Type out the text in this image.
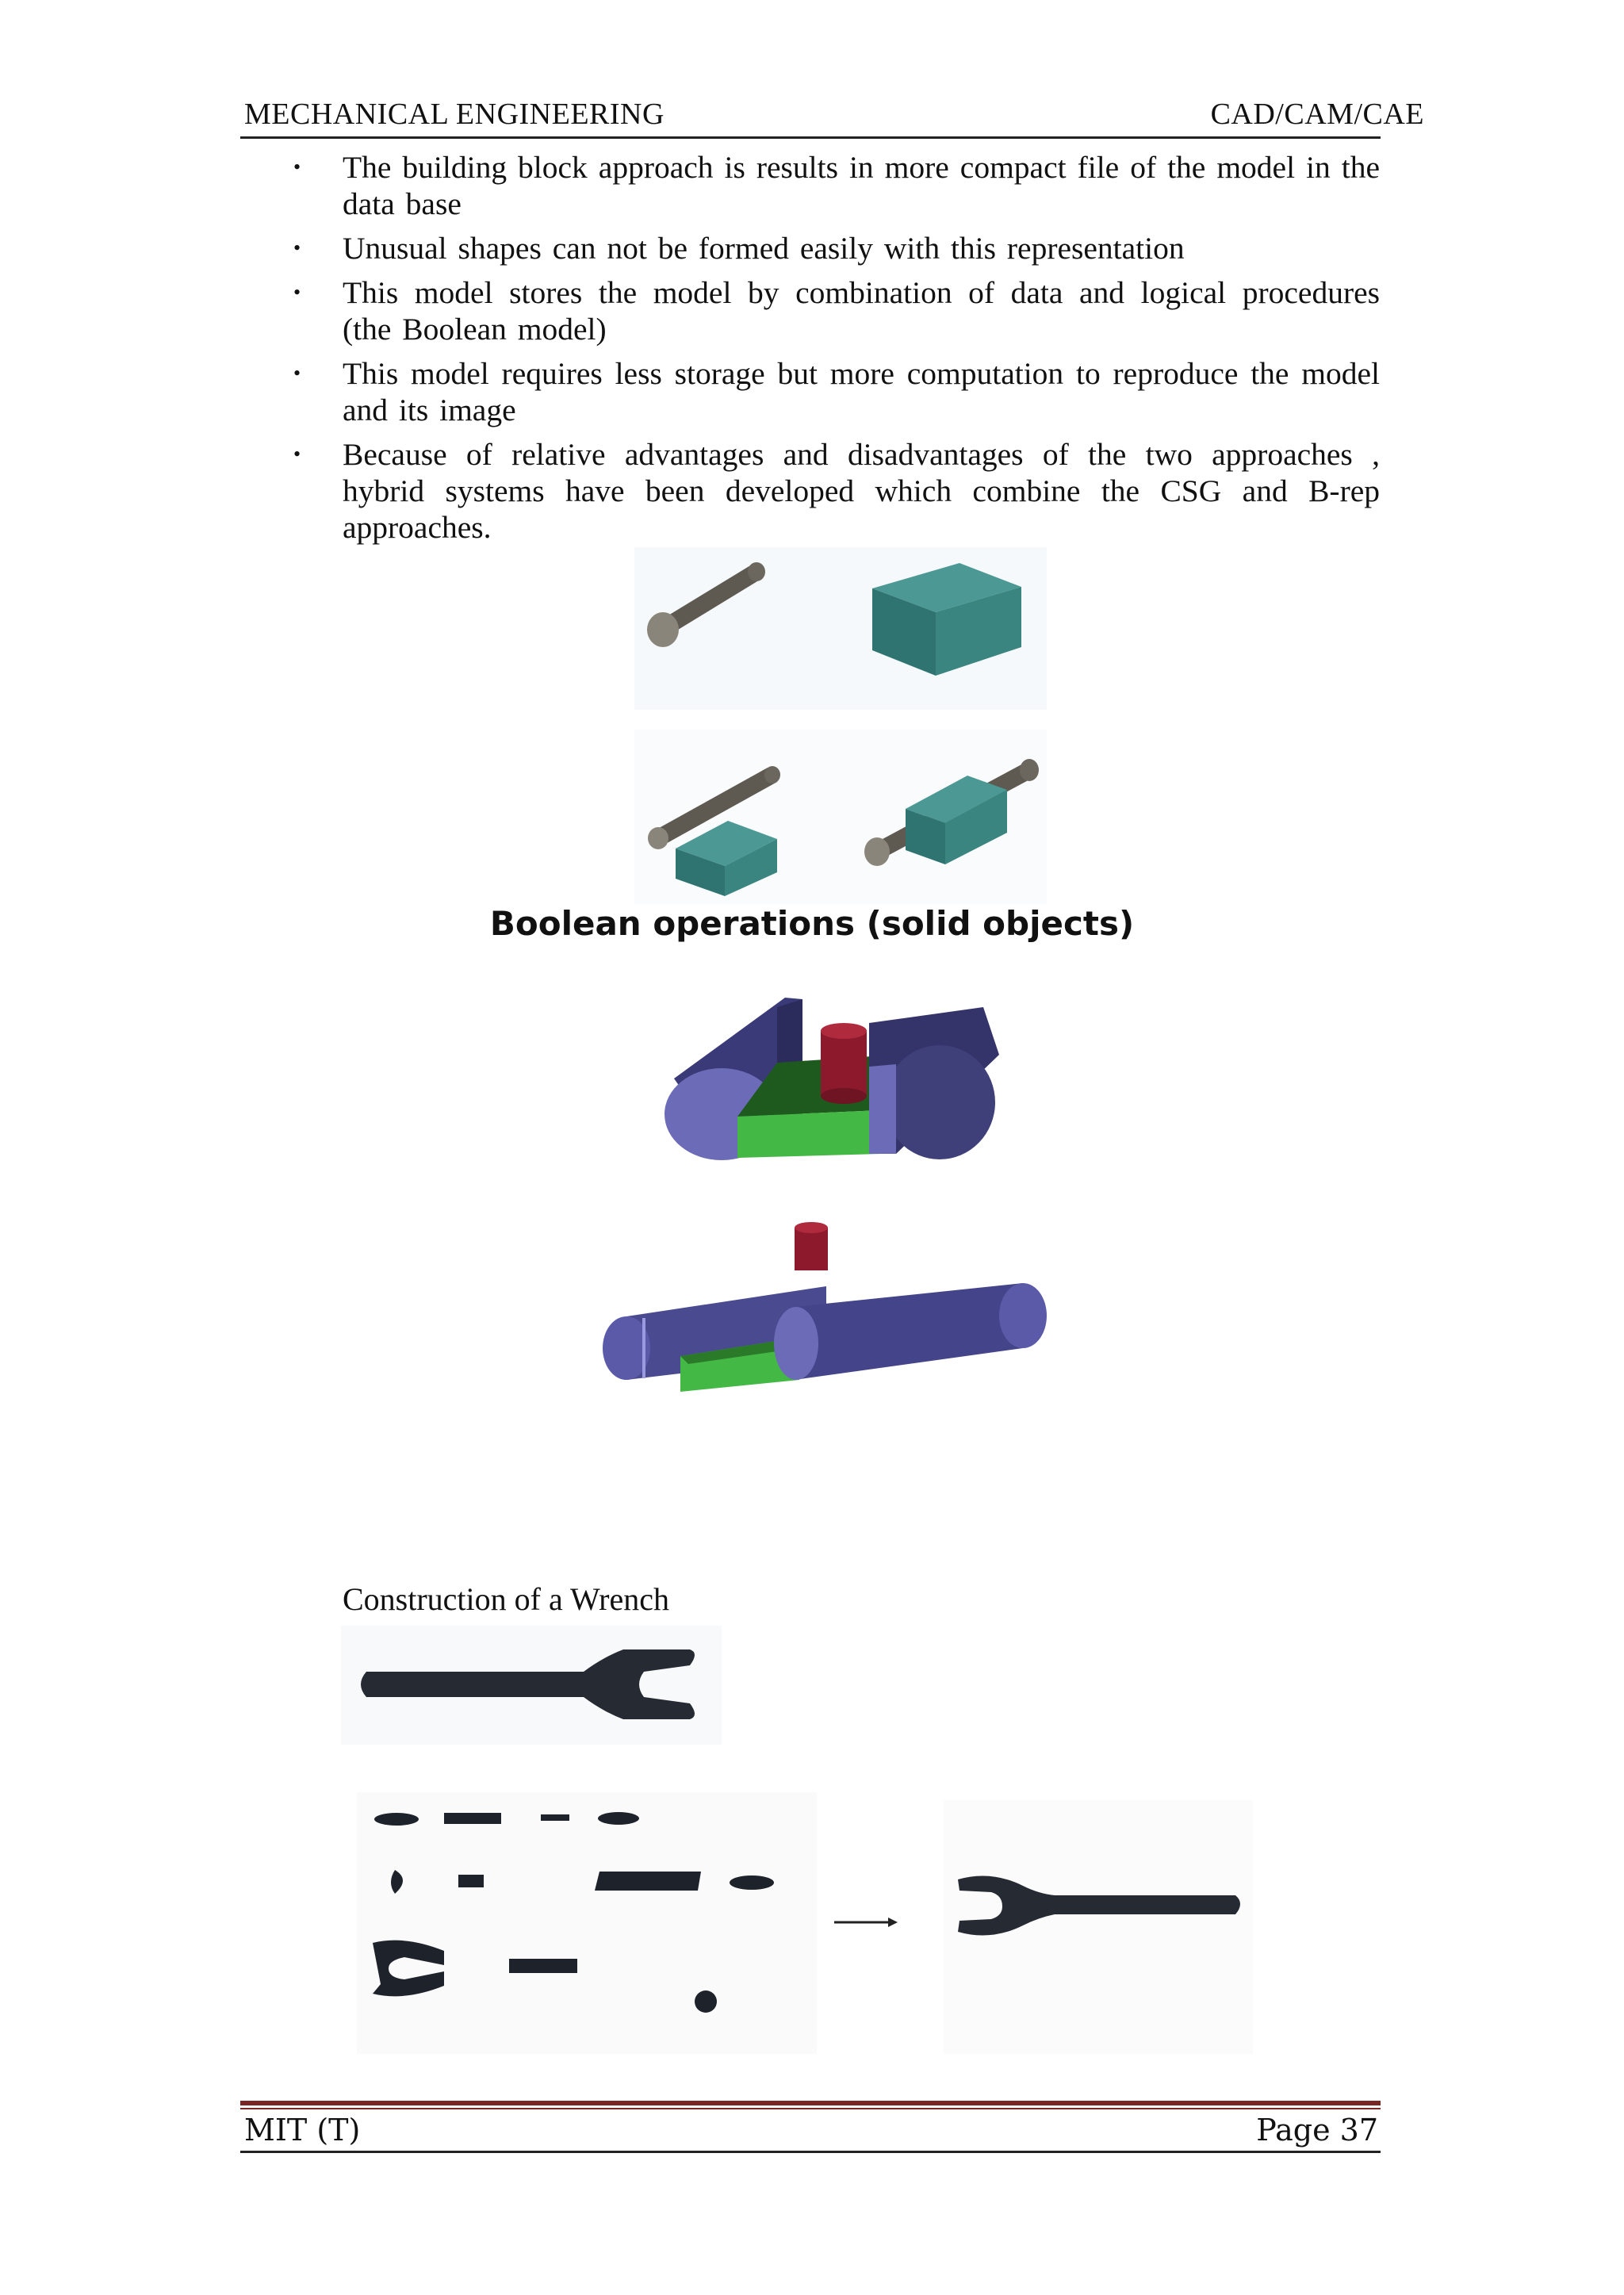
MECHANICAL ENGINEERING	CAD/CAM/CAE
• The building block approach is results in more compact file of the model in the data base
• Unusual shapes can not be formed easily with this representation
• This model stores the model by combination of data and logical procedures (the Boolean model)
• This model requires less storage but more computation to reproduce the model and its image
• Because of relative advantages and disadvantages of the two approaches , hybrid systems have been developed which combine the CSG and B-rep approaches.
Boolean operations (solid objects)
Construction of a Wrench
MIT (T)	Page 37
